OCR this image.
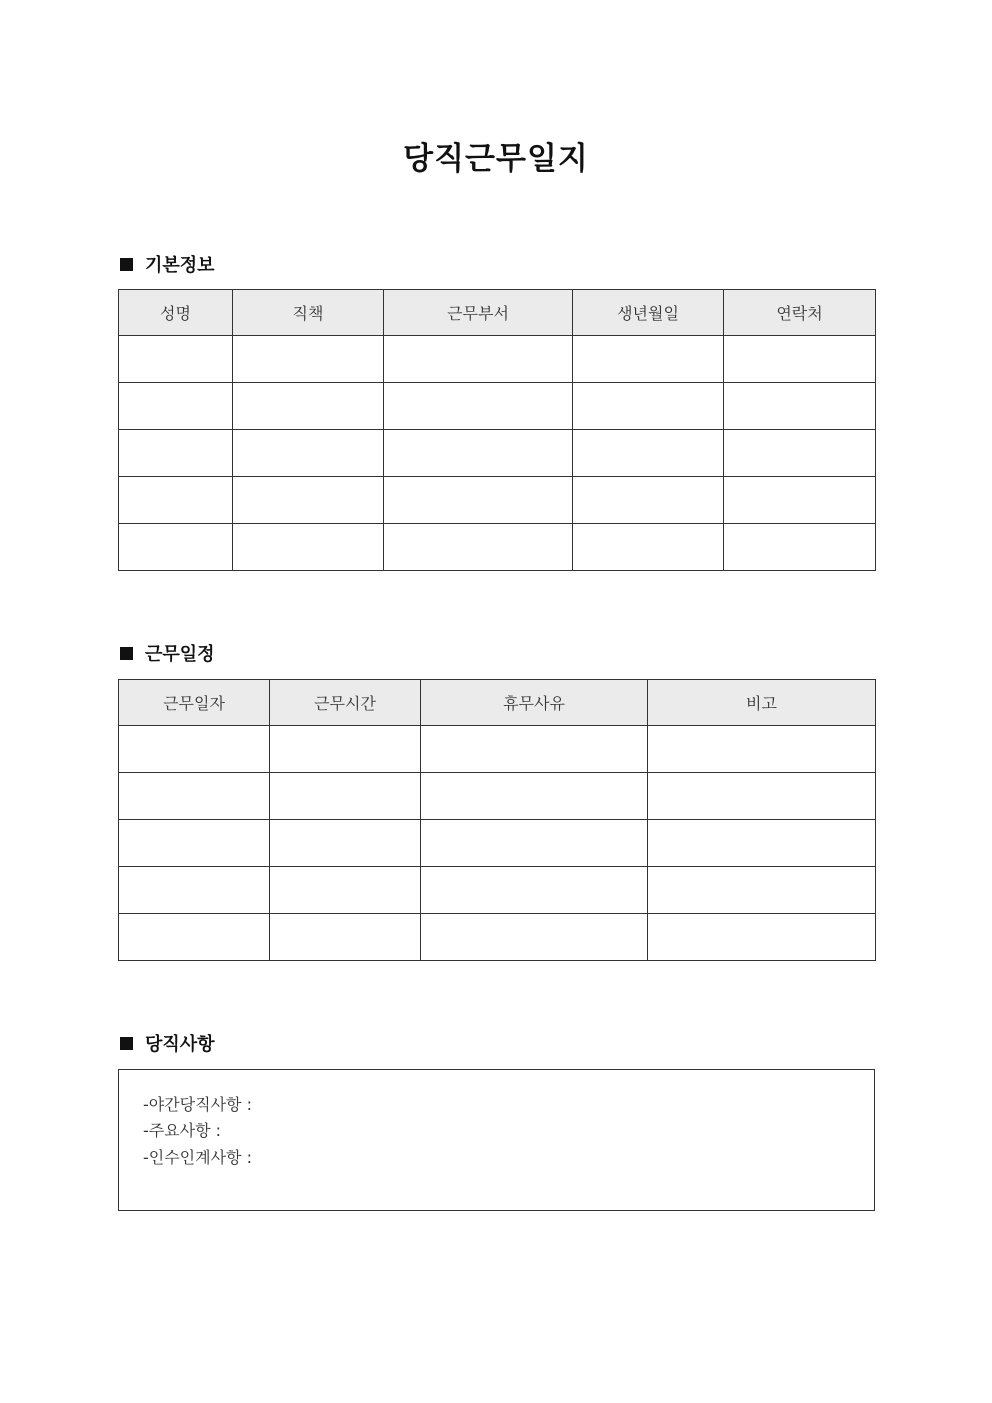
당직근무일지
기본정보
성명	직책	근무부서	생년월일	연락처

근무일정
근무일자	근무시간	휴무사유	비고

당직사항
-야간당직사항 :
-주요사항 :
-인수인계사항 :
